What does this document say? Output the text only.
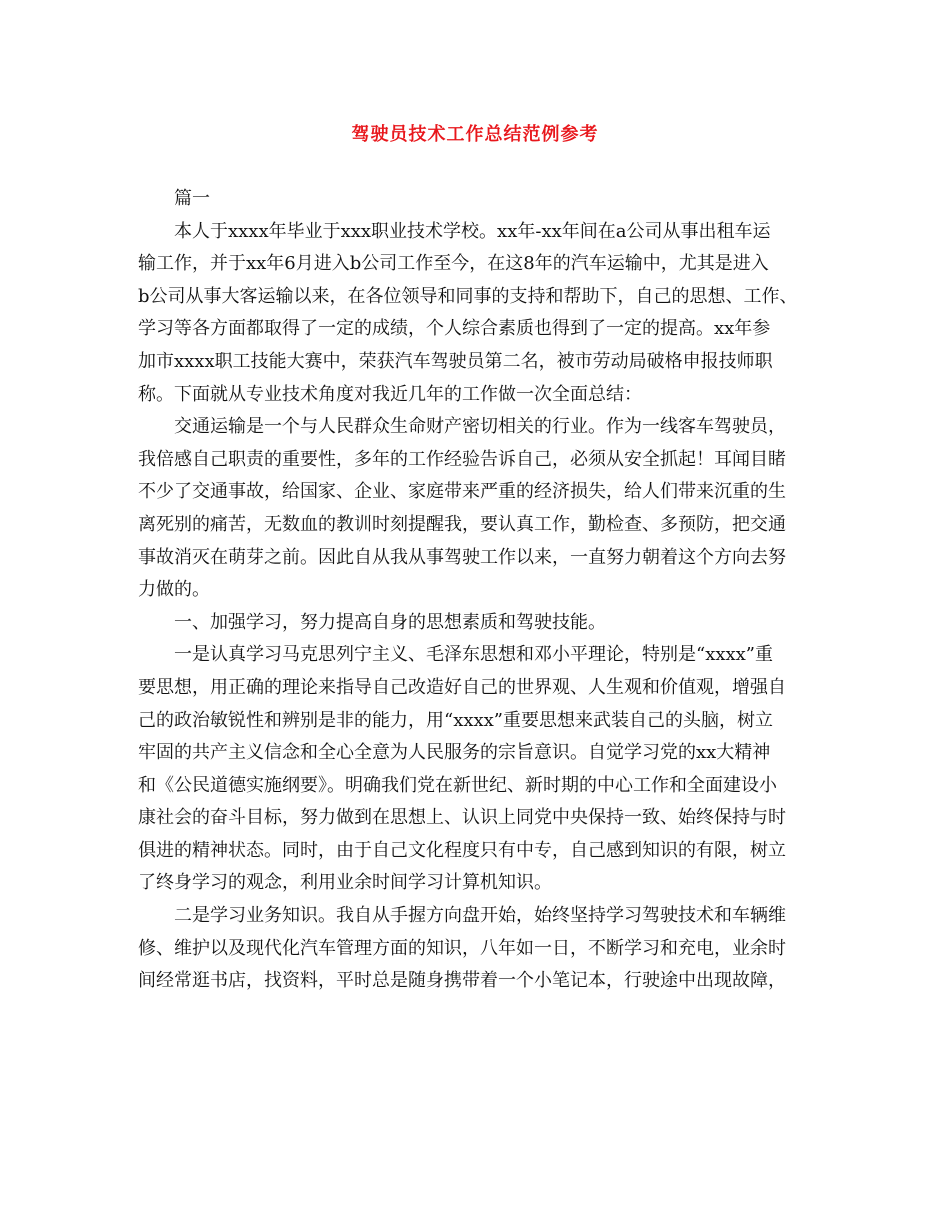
驾驶员技术工作总结范例参考
篇一
本人于xxxx年毕业于xxx职业技术学校。xx年-xx年间在a公司从事出租车运
输工作，并于xx年6月进入b公司工作至今，在这8年的汽车运输中，尤其是进入
b公司从事大客运输以来，在各位领导和同事的支持和帮助下，自己的思想、工作、
学习等各方面都取得了一定的成绩，个人综合素质也得到了一定的提高。xx年参
加市xxxx职工技能大赛中，荣获汽车驾驶员第二名，被市劳动局破格申报技师职
称。下面就从专业技术角度对我近几年的工作做一次全面总结：
交通运输是一个与人民群众生命财产密切相关的行业。作为一线客车驾驶员，
我倍感自己职责的重要性，多年的工作经验告诉自己，必须从安全抓起！耳闻目睹
不少了交通事故，给国家、企业、家庭带来严重的经济损失，给人们带来沉重的生
离死别的痛苦，无数血的教训时刻提醒我，要认真工作，勤检查、多预防，把交通
事故消灭在萌芽之前。因此自从我从事驾驶工作以来，一直努力朝着这个方向去努
力做的。
一、加强学习，努力提高自身的思想素质和驾驶技能。
一是认真学习马克思列宁主义、毛泽东思想和邓小平理论，特别是“xxxx”重
要思想，用正确的理论来指导自己改造好自己的世界观、人生观和价值观，增强自
己的政治敏锐性和辨别是非的能力，用“xxxx”重要思想来武装自己的头脑，树立
牢固的共产主义信念和全心全意为人民服务的宗旨意识。自觉学习党的xx大精神
和《公民道德实施纲要》。明确我们党在新世纪、新时期的中心工作和全面建设小
康社会的奋斗目标，努力做到在思想上、认识上同党中央保持一致、始终保持与时
俱进的精神状态。同时，由于自己文化程度只有中专，自己感到知识的有限，树立
了终身学习的观念，利用业余时间学习计算机知识。
二是学习业务知识。我自从手握方向盘开始，始终坚持学习驾驶技术和车辆维
修、维护以及现代化汽车管理方面的知识，八年如一日，不断学习和充电，业余时
间经常逛书店，找资料，平时总是随身携带着一个小笔记本，行驶途中出现故障，
